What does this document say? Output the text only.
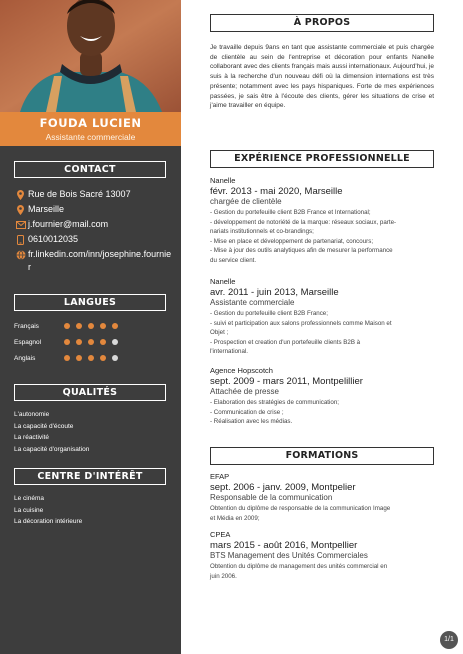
FOUDA LUCIEN
Assistante commerciale
CONTACT
Rue de Bois Sacré 13007
Marseille
j.fournier@mail.com
0610012035
fr.linkedin.com/inn/josephine.fournier
LANGUES
Français
Espagnol
Anglais
QUALITÉS
L'autonomie
La capacité d'écoute
La réactivité
La capacité d'organisation
CENTRE D'INTÉRÊT
Le cinéma
La cuisine
La décoration intérieure
À PROPOS

Je travaille depuis 9ans en tant que assistante commerciale et puis chargée de clientèle au sein de l'entreprise et décoration pour enfants Nanelle collaborant avec des clients français mais aussi internationaux. Aujourd'hui, je suis à la recherche d'un nouveau défi où la dimension internations est très présente; notamment avec les pays hispaniques. Forte de mes expériences passées, je sais être à l'écoute des clients, gérer les situations de crise et j'aime travailler en équipe.

EXPÉRIENCE PROFESSIONNELLE
Nanelle
févr. 2013 - mai 2020, Marseille
chargée de clientèle
- Gestion du portefeuille client B2B France et International;
- développement de notoriété de la marque: réseaux sociaux, parte-
nariats institutionnels et co-brandings;
- Mise en place et développement de partenariat, concours;
- Mise à jour des outils analytiques afin de mesurer la performance
du service client.
Nanelle
avr. 2011 - juin 2013, Marseille
Assistante commerciale
- Gestion du portefeuille client B2B France;
- suivi et participation aux salons professionnels comme Maison et
Objet ;
- Prospection et creation d'un portefeuille clients B2B à
l'international.
Agence Hopscotch
sept. 2009 - mars 2011, Montpelillier
Attachée de presse
- Elaboration des stratégies de communication;
- Communication de crise ;
- Réalisation avec les médias.
FORMATIONS
EFAP
sept. 2006 - janv. 2009, Montpelier
Responsable de la communication
Obtention du diplôme de responsable de la communication Image
et Média en 2009;
CPEA
mars 2015 - août 2016, Montpellier
BTS Management des Unités Commerciales
Obtention du diplôme de management des unités commercial en
juin 2006.
1/1
